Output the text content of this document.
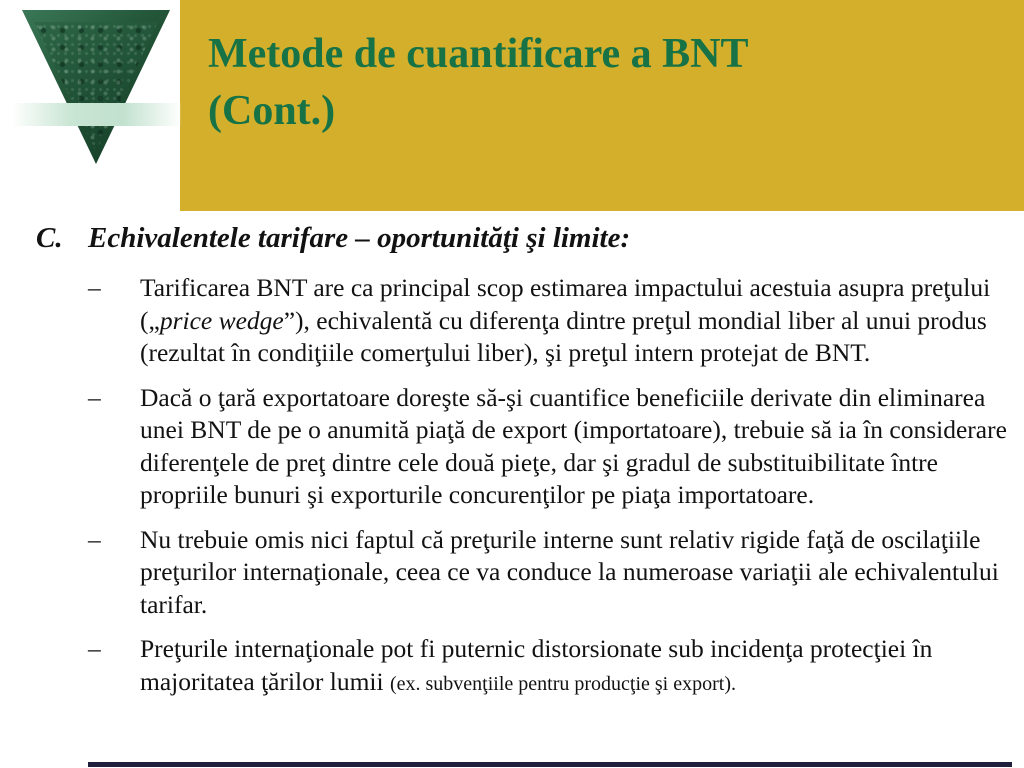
Metode de cuantificare a BNT
(Cont.)
C. Echivalentele tarifare – oportunităţi şi limite:
–	Tarificarea BNT are ca principal scop estimarea impactului acestuia asupra preţului („price wedge”), echivalentă cu diferenţa dintre preţul mondial liber al unui produs (rezultat în condiţiile comerţului liber), şi preţul intern protejat de BNT.

–	Dacă o ţară exportatoare doreşte să-şi cuantifice beneficiile derivate din eliminarea unei BNT de pe o anumită piaţă de export (importatoare), trebuie să ia în considerare diferenţele de preţ dintre cele două pieţe, dar şi gradul de substituibilitate între propriile bunuri şi exporturile concurenţilor pe piaţa importatoare.

–	Nu trebuie omis nici faptul că preţurile interne sunt relativ rigide faţă de oscilaţiile preţurilor internaţionale, ceea ce va conduce la numeroase variaţii ale echivalentului tarifar.

–	Preţurile internaţionale pot fi puternic distorsionate sub incidenţa protecţiei în majoritatea ţărilor lumii (ex. subvenţiile pentru producţie şi export).
